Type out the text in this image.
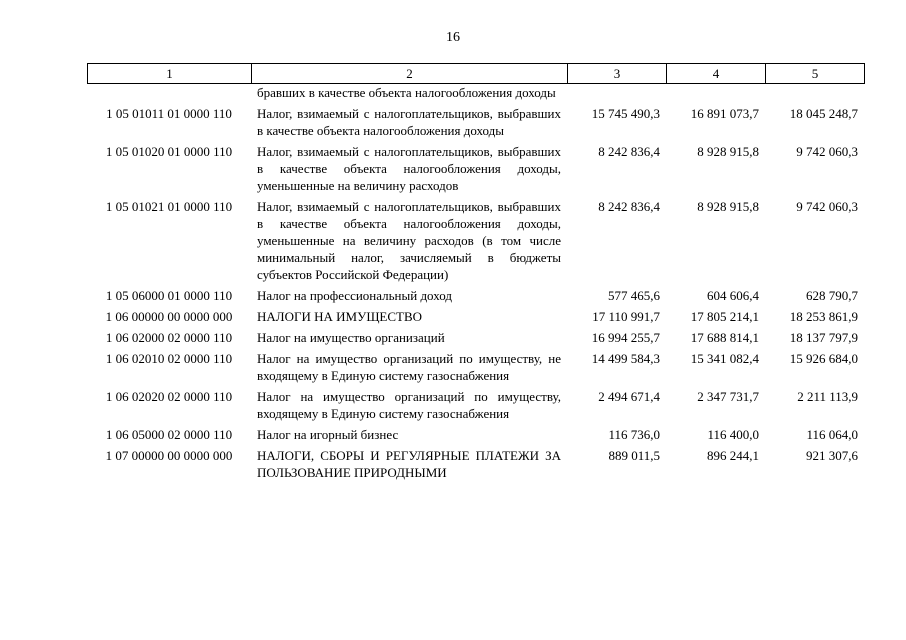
16
1	2	3	4	5
	бравших в качестве объекта налогообложения доходы			
1 05 01011 01 0000 110	Налог, взимаемый с налогоплательщиков, выбравших в качестве объекта налогообложения доходы	15 745 490,3	16 891 073,7	18 045 248,7
1 05 01020 01 0000 110	Налог, взимаемый с налогоплательщиков, выбравших в качестве объекта налогообложения доходы, уменьшенные на величину расходов	8 242 836,4	8 928 915,8	9 742 060,3
1 05 01021 01 0000 110	Налог, взимаемый с налогоплательщиков, выбравших в качестве объекта налогообложения доходы, уменьшенные на величину расходов (в том числе минимальный налог, зачисляемый в бюджеты субъектов Российской Федерации)	8 242 836,4	8 928 915,8	9 742 060,3
1 05 06000 01 0000 110	Налог на профессиональный доход	577 465,6	604 606,4	628 790,7
1 06 00000 00 0000 000	НАЛОГИ НА ИМУЩЕСТВО	17 110 991,7	17 805 214,1	18 253 861,9
1 06 02000 02 0000 110	Налог на имущество организаций	16 994 255,7	17 688 814,1	18 137 797,9
1 06 02010 02 0000 110	Налог на имущество организаций по имуществу, не входящему в Единую систему газоснабжения	14 499 584,3	15 341 082,4	15 926 684,0
1 06 02020 02 0000 110	Налог на имущество организаций по имуществу, входящему в Единую систему газоснабжения	2 494 671,4	2 347 731,7	2 211 113,9
1 06 05000 02 0000 110	Налог на игорный бизнес	116 736,0	116 400,0	116 064,0
1 07 00000 00 0000 000	НАЛОГИ, СБОРЫ И РЕГУЛЯРНЫЕ ПЛАТЕЖИ ЗА ПОЛЬЗОВАНИЕ ПРИРОДНЫМИ	889 011,5	896 244,1	921 307,6
